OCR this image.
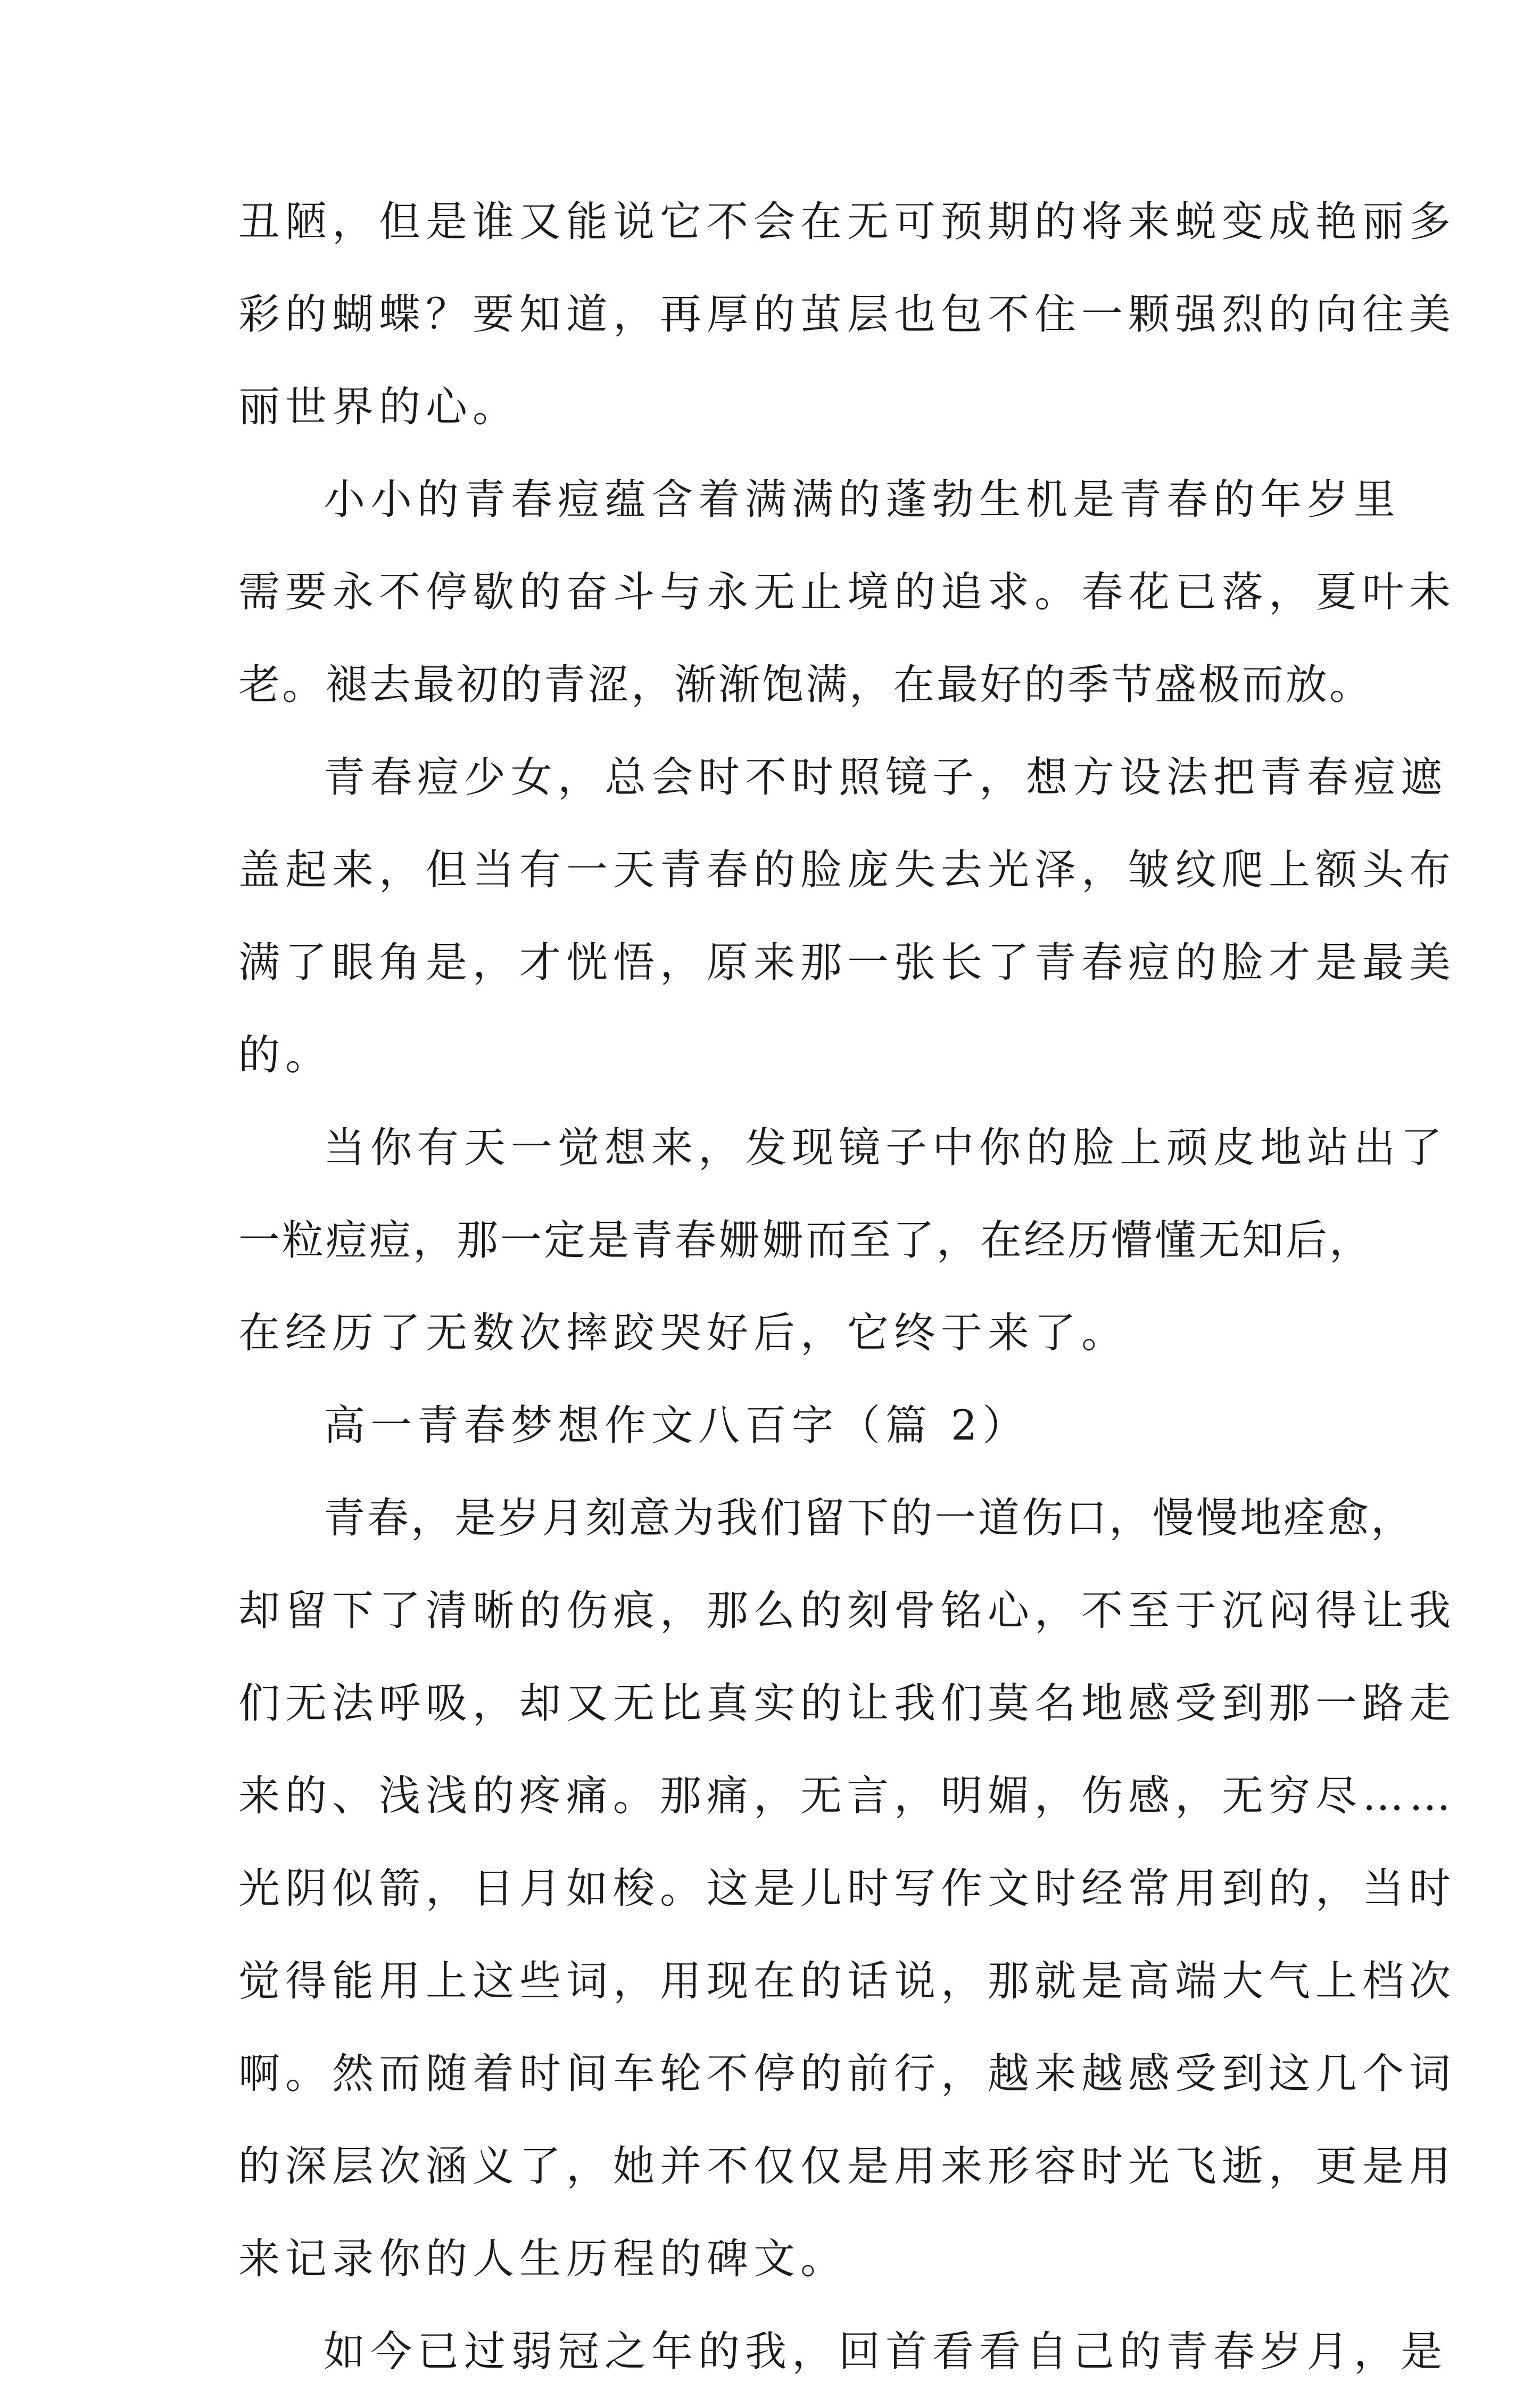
丑陋，但是谁又能说它不会在无可预期的将来蜕变成艳丽多
彩的蝴蝶？要知道，再厚的茧层也包不住一颗强烈的向往美
丽世界的心。
小小的青春痘蕴含着满满的蓬勃生机是青春的年岁里
需要永不停歇的奋斗与永无止境的追求。春花已落，夏叶未
老。褪去最初的青涩，渐渐饱满，在最好的季节盛极而放。
青春痘少女，总会时不时照镜子，想方设法把青春痘遮
盖起来，但当有一天青春的脸庞失去光泽，皱纹爬上额头布
满了眼角是，才恍悟，原来那一张长了青春痘的脸才是最美
的。
当你有天一觉想来，发现镜子中你的脸上顽皮地站出了
一粒痘痘，那一定是青春姗姗而至了，在经历懵懂无知后，
在经历了无数次摔跤哭好后，它终于来了。
高一青春梦想作文八百字（篇 2）
青春，是岁月刻意为我们留下的一道伤口，慢慢地痊愈，
却留下了清晰的伤痕，那么的刻骨铭心，不至于沉闷得让我
们无法呼吸，却又无比真实的让我们莫名地感受到那一路走
来的、浅浅的疼痛。那痛，无言，明媚，伤感，无穷尽……
光阴似箭，日月如梭。这是儿时写作文时经常用到的，当时
觉得能用上这些词，用现在的话说，那就是高端大气上档次
啊。然而随着时间车轮不停的前行，越来越感受到这几个词
的深层次涵义了，她并不仅仅是用来形容时光飞逝，更是用
来记录你的人生历程的碑文。
如今已过弱冠之年的我，回首看看自己的青春岁月，是
